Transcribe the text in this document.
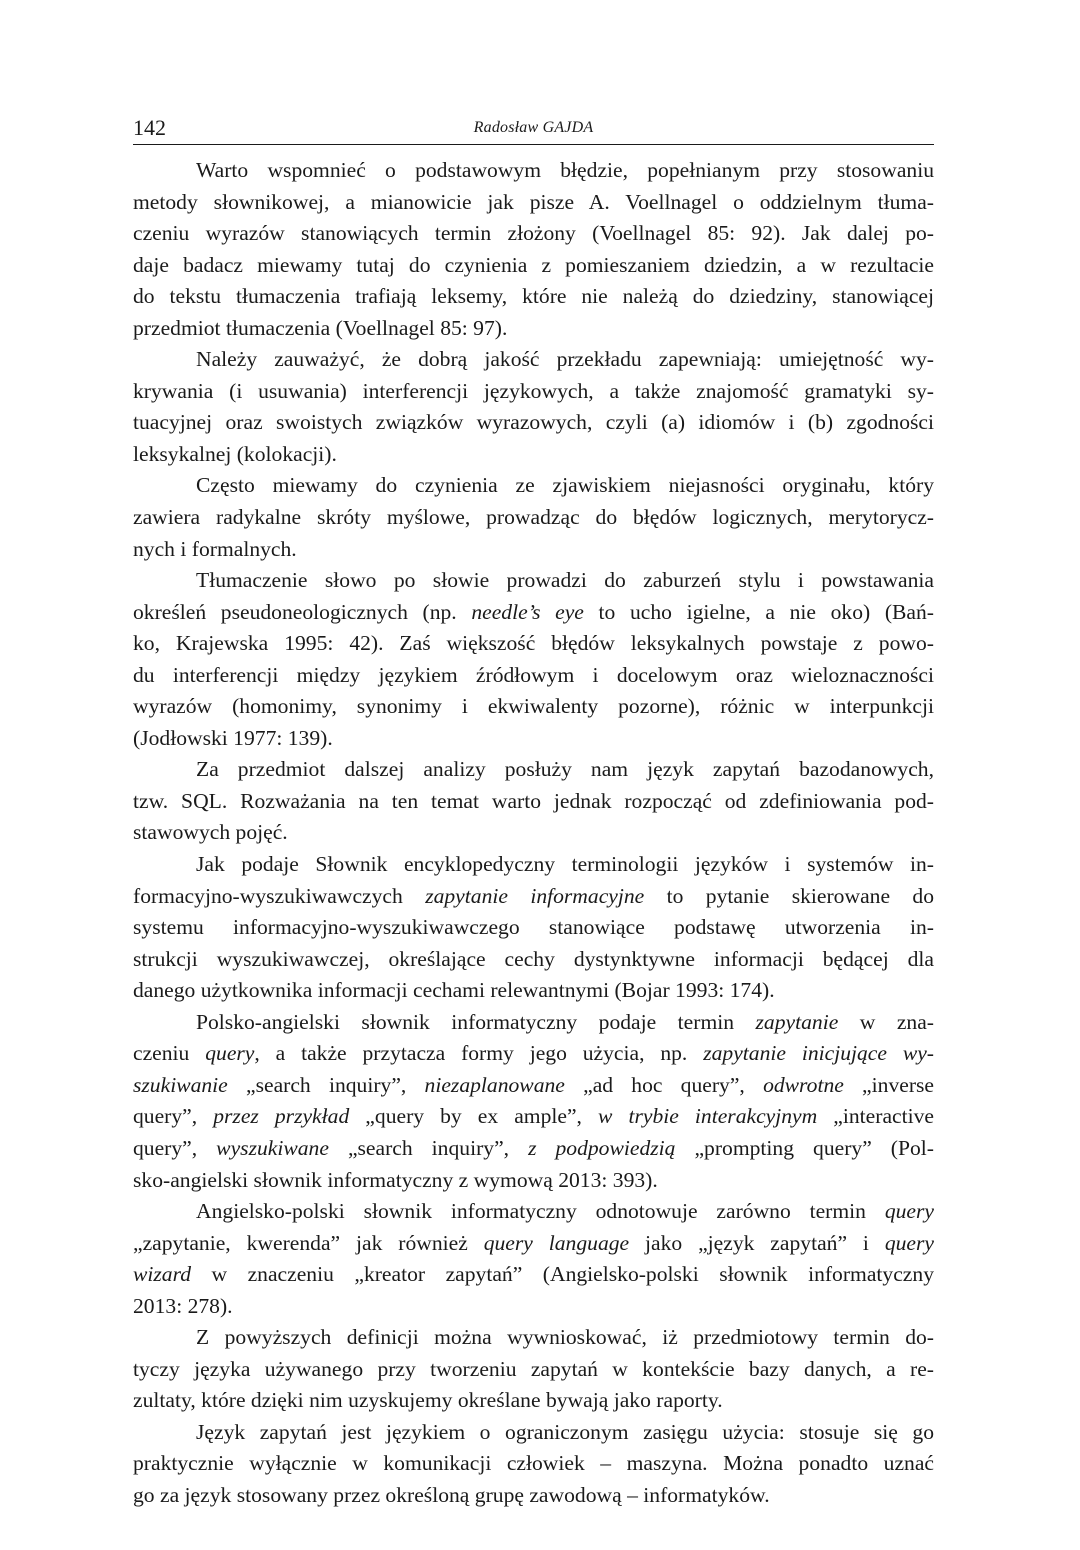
142	Radosław GAJDA
Warto wspomnieć o podstawowym błędzie, popełnianym przy stosowaniu
metody słownikowej, a mianowicie jak pisze A. Voellnagel o oddzielnym tłuma-
czeniu wyrazów stanowiących termin złożony (Voellnagel 85: 92). Jak dalej po-
daje badacz miewamy tutaj do czynienia z pomieszaniem dziedzin, a w rezultacie
do tekstu tłumaczenia trafiają leksemy, które nie należą do dziedziny, stanowiącej
przedmiot tłumaczenia (Voellnagel 85: 97).
Należy zauważyć, że dobrą jakość przekładu zapewniają: umiejętność wy-
krywania (i usuwania) interferencji językowych, a także znajomość gramatyki sy-
tuacyjnej oraz swoistych związków wyrazowych, czyli (a) idiomów i (b) zgodności
leksykalnej (kolokacji).
Często miewamy do czynienia ze zjawiskiem niejasności oryginału, który
zawiera radykalne skróty myślowe, prowadząc do błędów logicznych, merytorycz-
nych i formalnych.
Tłumaczenie słowo po słowie prowadzi do zaburzeń stylu i powstawania
określeń pseudoneologicznych (np. needle’s eye to ucho igielne, a nie oko) (Bań-
ko, Krajewska 1995: 42). Zaś większość błędów leksykalnych powstaje z powo-
du interferencji między językiem źródłowym i docelowym oraz wieloznaczności
wyrazów (homonimy, synonimy i ekwiwalenty pozorne), różnic w interpunkcji
(Jodłowski 1977: 139).
Za przedmiot dalszej analizy posłuży nam język zapytań bazodanowych,
tzw. SQL. Rozważania na ten temat warto jednak rozpocząć od zdefiniowania pod-
stawowych pojęć.
Jak podaje Słownik encyklopedyczny terminologii języków i systemów in-
formacyjno-wyszukiwawczych zapytanie informacyjne to pytanie skierowane do
systemu informacyjno-wyszukiwawczego stanowiące podstawę utworzenia in-
strukcji wyszukiwawczej, określające cechy dystynktywne informacji będącej dla
danego użytkownika informacji cechami relewantnymi (Bojar 1993: 174).
Polsko-angielski słownik informatyczny podaje termin zapytanie w zna-
czeniu query, a także przytacza formy jego użycia, np. zapytanie inicjujące wy-
szukiwanie „search inquiry”, niezaplanowane „ad hoc query”, odwrotne „inverse
query”, przez przykład „query by ex ample”, w trybie interakcyjnym „interactive
query”, wyszukiwane „search inquiry”, z podpowiedzią „prompting query” (Pol-
sko-angielski słownik informatyczny z wymową 2013: 393).
Angielsko-polski słownik informatyczny odnotowuje zarówno termin query
„zapytanie, kwerenda” jak również query language jako „język zapytań” i query
wizard w znaczeniu „kreator zapytań” (Angielsko-polski słownik informatyczny
2013: 278).
Z powyższych definicji można wywnioskować, iż przedmiotowy termin do-
tyczy języka używanego przy tworzeniu zapytań w kontekście bazy danych, a re-
zultaty, które dzięki nim uzyskujemy określane bywają jako raporty.
Język zapytań jest językiem o ograniczonym zasięgu użycia: stosuje się go
praktycznie wyłącznie w komunikacji człowiek – maszyna. Można ponadto uznać
go za język stosowany przez określoną grupę zawodową – informatyków.
